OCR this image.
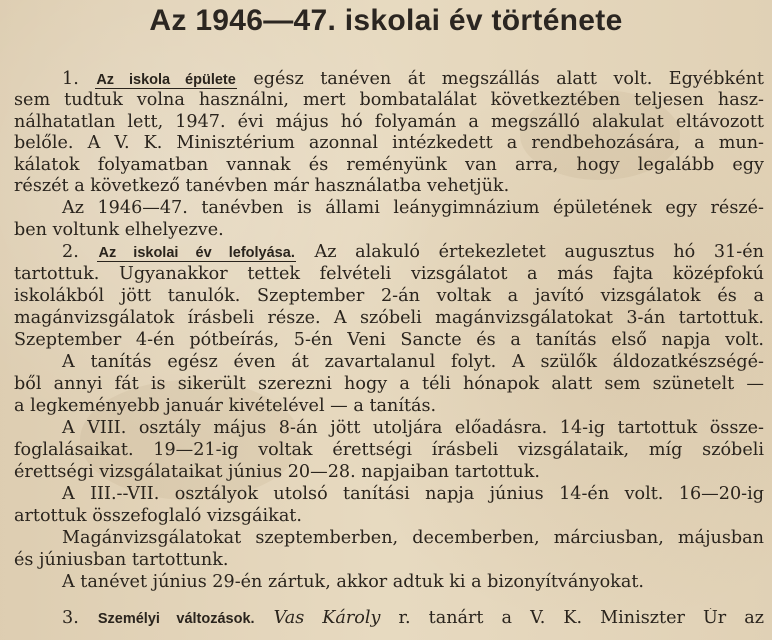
Az 1946—47. iskolai év története
1. Az iskola épülete egész tanéven át megszállás alatt volt. Egyébként
sem tudtuk volna használni, mert bombatalálat következtében teljesen hasz-
nálhatatlan lett, 1947. évi május hó folyamán a megszálló alakulat eltávozott
belőle. A V. K. Minisztérium azonnal intézkedett a rendbehozására, a mun-
kálatok folyamatban vannak és reményünk van arra, hogy legalább egy
részét a következő tanévben már használatba vehetjük.
Az 1946—47. tanévben is állami leánygimnázium épületének egy részé-
ben voltunk elhelyezve.
2. Az iskolai év lefolyása. Az alakuló értekezletet augusztus hó 31-én
tartottuk. Ugyanakkor tettek felvételi vizsgálatot a más fajta középfokú
iskolákból jött tanulók. Szeptember 2-án voltak a javító vizsgálatok és a
magánvizsgálatok írásbeli része. A szóbeli magánvizsgálatokat 3-án tartottuk.
Szeptember 4-én pótbeírás, 5-én Veni Sancte és a tanítás első napja volt.
A tanítás egész éven át zavartalanul folyt. A szülők áldozatkészségé-
ből annyi fát is sikerült szerezni hogy a téli hónapok alatt sem szünetelt —
a legkeményebb január kivételével — a tanítás.
A VIII. osztály május 8-án jött utoljára előadásra. 14-ig tartottuk össze-
foglalásaikat. 19—21-ig voltak érettségi írásbeli vizsgálataik, míg szóbeli
érettségi vizsgálataikat június 20—28. napjaiban tartottuk.
A III.--VII. osztályok utolsó tanítási napja június 14-én volt. 16—20-ig
artottuk összefoglaló vizsgáikat.
Magánvizsgálatokat szeptemberben, decemberben, márciusban, májusban
és júniusban tartottunk.
A tanévet június 29-én zártuk, akkor adtuk ki a bizonyítványokat.
3. Személyi változások. Vas Károly r. tanárt a V. K. Miniszter Úr az
